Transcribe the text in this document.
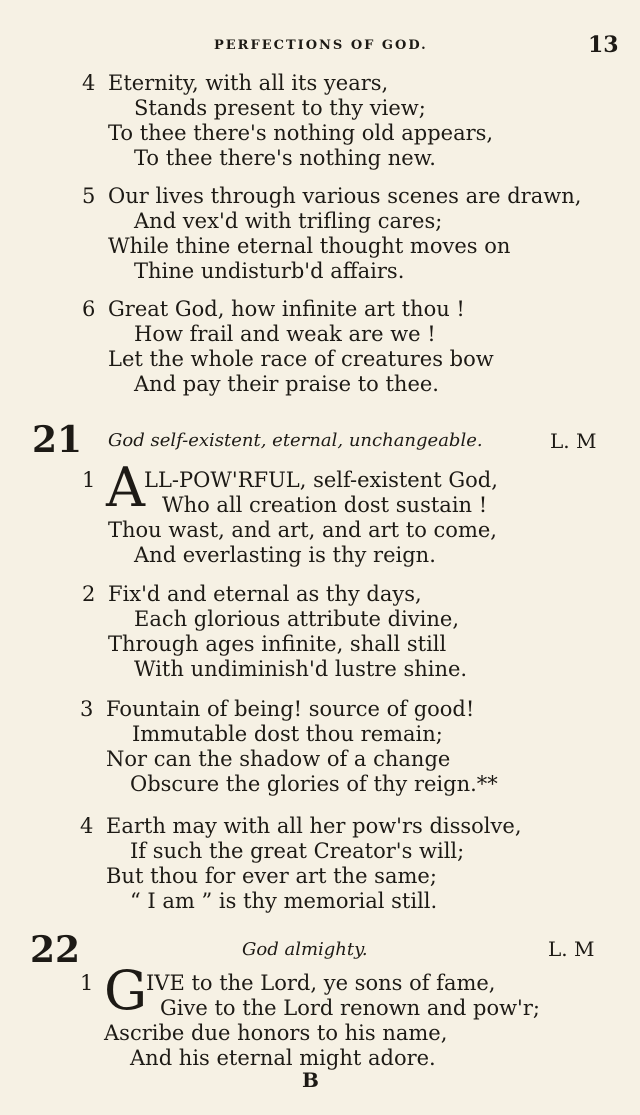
PERFECTIONS OF GOD.	13
4 Eternity, with all its years,
Stands present to thy view;
To thee there's nothing old appears,
To thee there's nothing new.
5 Our lives through various scenes are drawn,
And vex'd with trifling cares;
While thine eternal thought moves on
Thine undisturb'd affairs.
6 Great God, how infinite art thou !
How frail and weak are we !
Let the whole race of creatures bow
And pay their praise to thee.
21 God self-existent, eternal, unchangeable.	L. M
1 A LL-POW'RFUL, self-existent God,
Who all creation dost sustain !
Thou wast, and art, and art to come,
And everlasting is thy reign.
2 Fix'd and eternal as thy days,
Each glorious attribute divine,
Through ages infinite, shall still
With undiminish'd lustre shine.
3 Fountain of being! source of good!
Immutable dost thou remain;
Nor can the shadow of a change
Obscure the glories of thy reign.**
4 Earth may with all her pow'rs dissolve,
If such the great Creator's will;
But thou for ever art the same;
“ I am ” is thy memorial still.
22	God almighty.	L. M
1 G
IVE to the Lord, ye sons of fame,
Give to the Lord renown and pow'r;
Ascribe due honors to his name,
And his eternal might adore.
B
